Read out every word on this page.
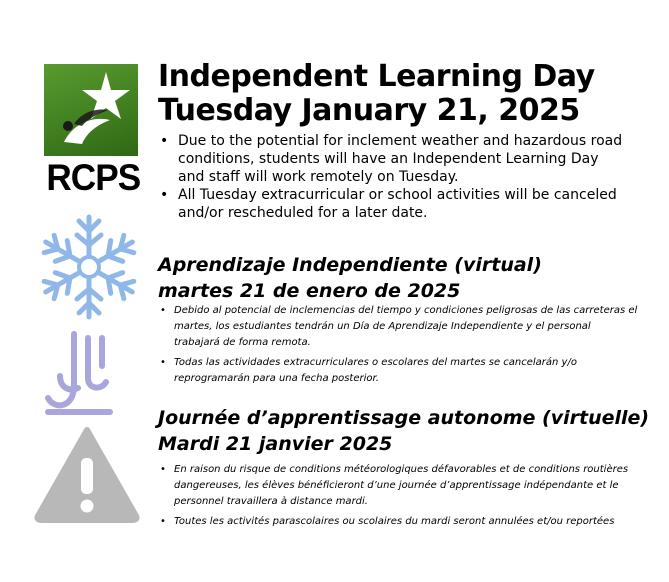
RCPS
Independent Learning Day
Tuesday January 21, 2025
• Due to the potential for inclement weather and hazardous road conditions, students will have an Independent Learning Day and staff will work remotely on Tuesday.
• All Tuesday extracurricular or school activities will be canceled and/or rescheduled for a later date.
Aprendizaje Independiente (virtual)
martes 21 de enero de 2025
• Debido al potencial de inclemencias del tiempo y condiciones peligrosas de las carreteras el martes, los estudiantes tendrán un Día de Aprendizaje Independiente y el personal trabajará de forma remota.
• Todas las actividades extracurriculares o escolares del martes se cancelarán y/o reprogramarán para una fecha posterior.
Journée d’apprentissage autonome (virtuelle)
Mardi 21 janvier 2025
• En raison du risque de conditions météorologiques défavorables et de conditions routières dangereuses, les élèves bénéficieront d’une journée d’apprentissage indépendante et le personnel travaillera à distance mardi.
• Toutes les activités parascolaires ou scolaires du mardi seront annulées et/ou reportées
